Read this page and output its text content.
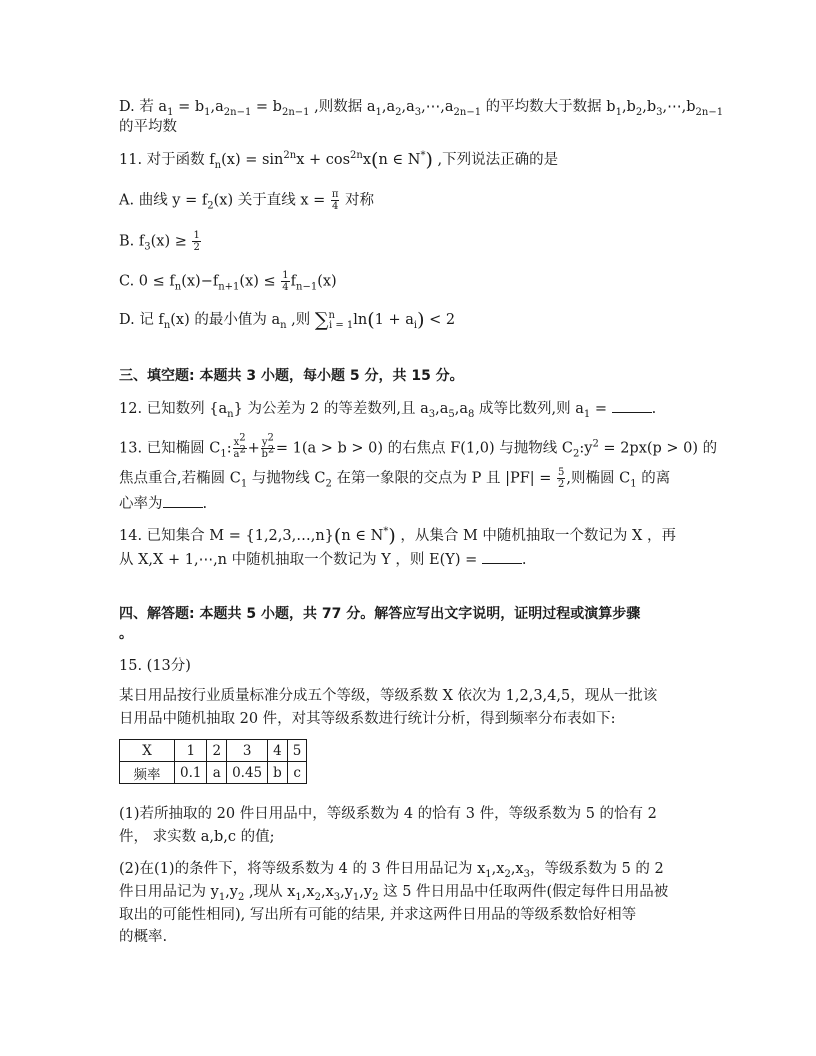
D. 若 $a_1 = b_1,a_{2n-1} = b_{2n-1}$ ,则数据 $a_1,a_2,a_3,\cdots,a_{2n-1}$ 的平均数大于数据 $b_1,b_2,b_3,\cdots,b_{2n-1}$
的平均数
11. 对于函数 $f_n(x) = \sin^{2n}x + \cos^{2n}x(n$ ∈ N*) ,下列说法正确的是
A. 曲线 $y = f_2(x)$ 关于直线 $x = \frac{\pi}{4}$ 对称
B. $f_3(x) \ge \frac{1}{2}$
C. $0 \le f_n(x)-f_{n+1}(x) \le \frac{1}{4} f_{n-1}(x)$
D. 记 $f_n(x)$ 的最小值为 $a_n$ ,则 $\sum^n_{i = 1}\ln(1 + a_i) < 2$
三、填空题: 本题共 3 小题，每小题 5 分，共 15 分。
12. 已知数列 $\{a_n\}$ 为公差为 2 的等差数列,且 $a_3,a_5,a_8$ 成等比数列,则 $a_1$ =	.
13. 已知椭圆 $C_1$: $\frac{x^2}{a^2} + \frac{y^2}{b^2} = 1(a > b > 0)$ 的右焦点 F(1,0) 与抛物线 $C_2:y^2 = 2px(p > 0)$ 的
焦点重合,若椭圆 $C_1$ 与抛物线 $C_2$ 在第一象限的交点为 P 且 $|PF| = \frac{5}{2}$ ,则椭圆 $C_1$ 的离
心率为	.
14. 已知集合 M = {1,2,3,…,n}(n ∈ N*) ，从集合 M 中随机抽取一个数记为 X ，再
从 X,X + 1,⋯,n 中随机抽取一个数记为 Y ，则 E(Y) =	.
四、解答题: 本题共 5 小题，共 77 分。解答应写出文字说明，证明过程或演算步骤
。
15. (13分)
某日用品按行业质量标准分成五个等级，等级系数 X 依次为 1,2,3,4,5，现从一批该
日用品中随机抽取 20 件，对其等级系数进行统计分析，得到频率分布表如下:
X	1	2	3	4	5
频率	0.1	a	0.45	b	c
(1)若所抽取的 20 件日用品中，等级系数为 4 的恰有 3 件，等级系数为 5 的恰有 2
件， 求实数 a,b,c 的值;
(2)在(1)的条件下，将等级系数为 4 的 3 件日用品记为 $x_1,x_2,x_3$，等级系数为 5 的 2
件日用品记为 $y_1,y_2$ ,现从 $x_1,x_2,x_3,y_1,y_2$ 这 5 件日用品中任取两件(假定每件日用品被
取出的可能性相同), 写出所有可能的结果, 并求这两件日用品的等级系数恰好相等
的概率.
